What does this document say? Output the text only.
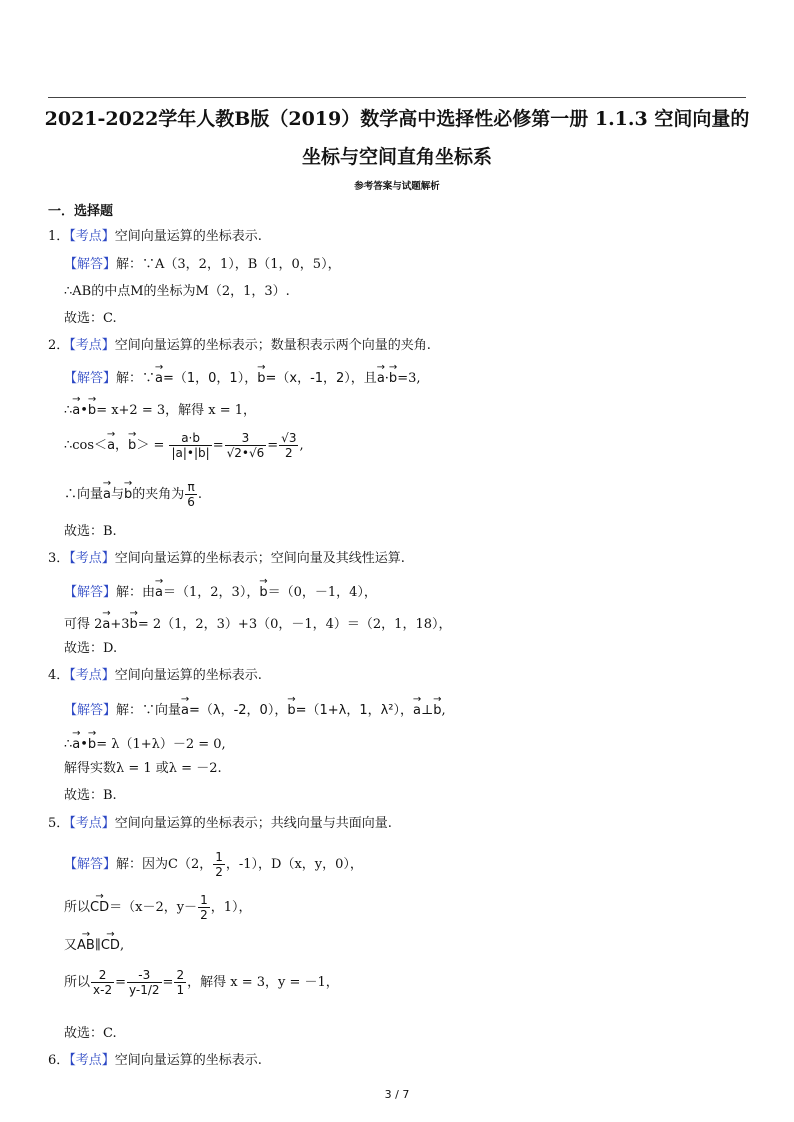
2021-2022学年人教B版（2019）数学高中选择性必修第一册 1.1.3 空间向量的
坐标与空间直角坐标系
参考答案与试题解析
一．选择题
1．【考点】空间向量运算的坐标表示.
【解答】解：∵A（3，2，1），B（1，0，5），
∴AB的中点M的坐标为M（2，1，3）.
故选：C.
2．【考点】空间向量运算的坐标表示；数量积表示两个向量的夹角.
【解答】解：∵→ a=（1，0，1），→ b=（x，-1，2），且→ a·→ b=3,
∴→ a•→ b= x+2 = 3，解得 x = 1，
∴cos＜→ a，→ $b> = \frac{a\cdot b}{|a|•|b|} = \frac{3}{√2•√6} = \frac{√3}{2}$ ,
∴向量→ a与→ b的夹角为 $\frac{\pi}{6}$ .
故选：B.
3．【考点】空间向量运算的坐标表示；空间向量及其线性运算.
【解答】解：由→ a＝（1，2，3），→ b＝（0，－1，4），
可得 2→ a+3→ b= 2（1，2，3）+3（0，－1，4）＝（2，1，18），
故选：D.
4．【考点】空间向量运算的坐标表示.
【解答】解：∵向量→ a=（λ，-2，0），→ b=（1+λ，1，λ²），→ a⊥→ b,
∴→ a•→ b= λ（1+λ）－2 = 0,
解得实数λ = 1 或λ = －2.
故选：B.
5．【考点】空间向量运算的坐标表示；共线向量与共面向量.
【解答】解：因为C（2， $\frac{1}{2}$ ，-1），D（x，y，0），
所以→ CD＝（x－2，$y- \frac{1}{2}$ ，1），
又→ AB∥→ CD,
所以 $\frac{2}{x-2} = \frac{-3}{y-1/2} = \frac{2}{1}$ ，解得 x = 3，y = －1，
故选：C.
6．【考点】空间向量运算的坐标表示.
3 / 7
